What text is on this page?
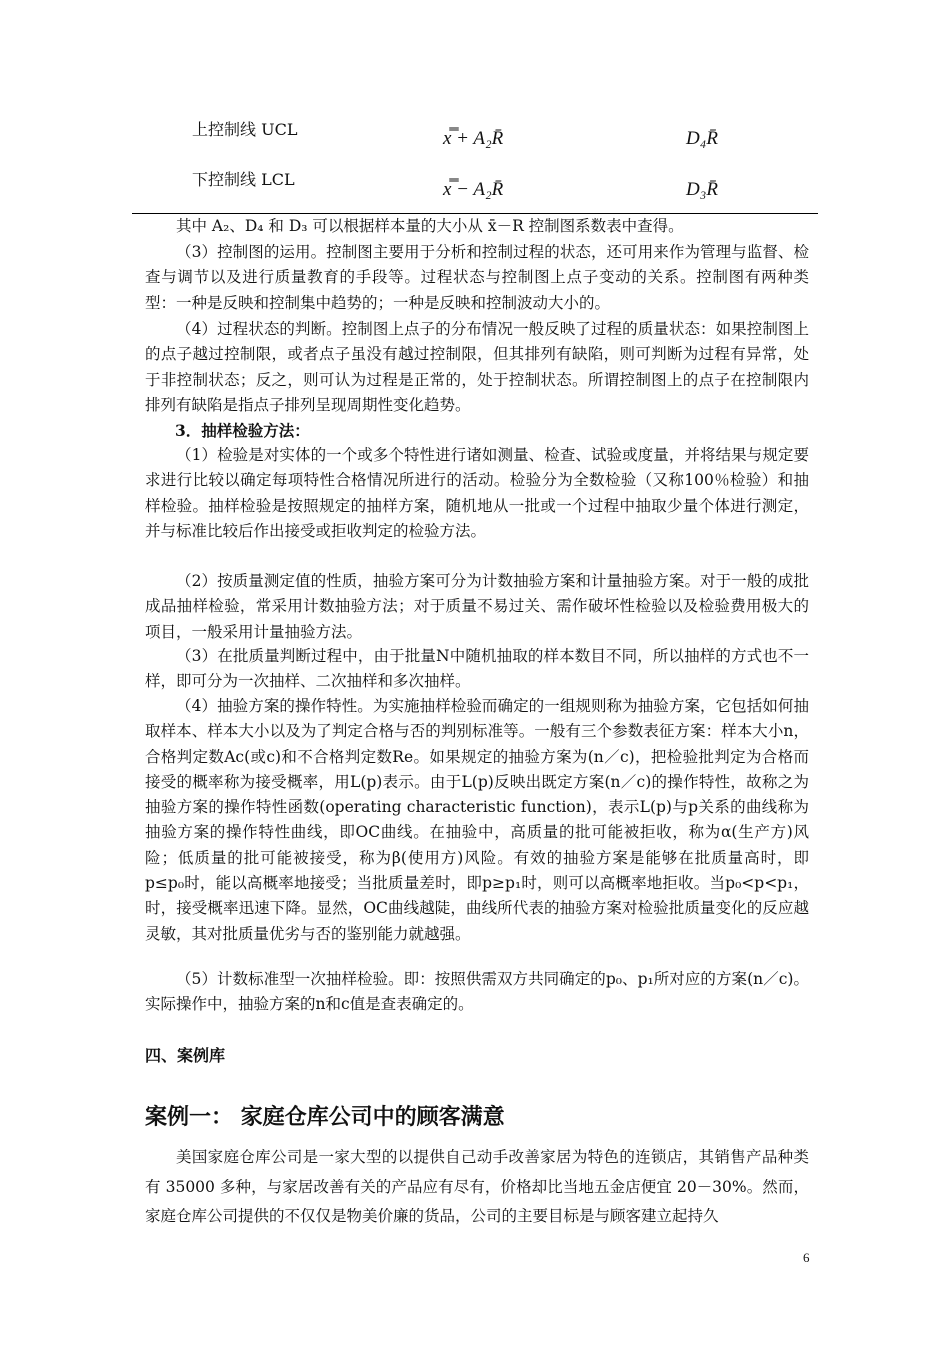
上控制线 UCL	x̿ + A₂R̄	D₄R̄
下控制线 LCL	x̿ − A₂R̄	D₃R̄

其中 A₂、D₄ 和 D₃ 可以根据样本量的大小从 x̄－R 控制图系数表中查得。

（3）控制图的运用。控制图主要用于分析和控制过程的状态，还可用来作为管理与监督、检查与调节以及进行质量教育的手段等。过程状态与控制图上点子变动的关系。控制图有两种类型：一种是反映和控制集中趋势的；一种是反映和控制波动大小的。

（4）过程状态的判断。控制图上点子的分布情况一般反映了过程的质量状态：如果控制图上的点子越过控制限，或者点子虽没有越过控制限，但其排列有缺陷，则可判断为过程有异常，处于非控制状态；反之，则可认为过程是正常的，处于控制状态。所谓控制图上的点子在控制限内排列有缺陷是指点子排列呈现周期性变化趋势。

3．抽样检验方法：

（1）检验是对实体的一个或多个特性进行诸如测量、检查、试验或度量，并将结果与规定要求进行比较以确定每项特性合格情况所进行的活动。检验分为全数检验（又称100％检验）和抽样检验。抽样检验是按照规定的抽样方案，随机地从一批或一个过程中抽取少量个体进行测定，并与标准比较后作出接受或拒收判定的检验方法。

（2）按质量测定值的性质，抽验方案可分为计数抽验方案和计量抽验方案。对于一般的成批成品抽样检验，常采用计数抽验方法；对于质量不易过关、需作破坏性检验以及检验费用极大的项目，一般采用计量抽验方法。

（3）在批质量判断过程中，由于批量N中随机抽取的样本数目不同，所以抽样的方式也不一样，即可分为一次抽样、二次抽样和多次抽样。

（4）抽验方案的操作特性。为实施抽样检验而确定的一组规则称为抽验方案，它包括如何抽取样本、样本大小以及为了判定合格与否的判别标准等。一般有三个参数表征方案：样本大小n，合格判定数Ac(或c)和不合格判定数Re。如果规定的抽验方案为(n／c)，把检验批判定为合格而接受的概率称为接受概率，用L(p)表示。由于L(p)反映出既定方案(n／c)的操作特性，故称之为抽验方案的操作特性函数(operating characteristic function)，表示L(p)与p关系的曲线称为抽验方案的操作特性曲线，即OC曲线。在抽验中，高质量的批可能被拒收，称为α(生产方)风险；低质量的批可能被接受，称为β(使用方)风险。有效的抽验方案是能够在批质量高时，即p≤p₀时，能以高概率地接受；当批质量差时，即p≥p₁时，则可以高概率地拒收。当p₀<p<p₁，时，接受概率迅速下降。显然，OC曲线越陡，曲线所代表的抽验方案对检验批质量变化的反应越灵敏，其对批质量优劣与否的鉴别能力就越强。

（5）计数标准型一次抽样检验。即：按照供需双方共同确定的p₀、p₁所对应的方案(n／c)。实际操作中，抽验方案的n和c值是查表确定的。

四、案例库
案例一： 家庭仓库公司中的顾客满意

美国家庭仓库公司是一家大型的以提供自己动手改善家居为特色的连锁店，其销售产品种类有 35000 多种，与家居改善有关的产品应有尽有，价格却比当地五金店便宜 20－30%。然而，家庭仓库公司提供的不仅仅是物美价廉的货品，公司的主要目标是与顾客建立起持久

6
